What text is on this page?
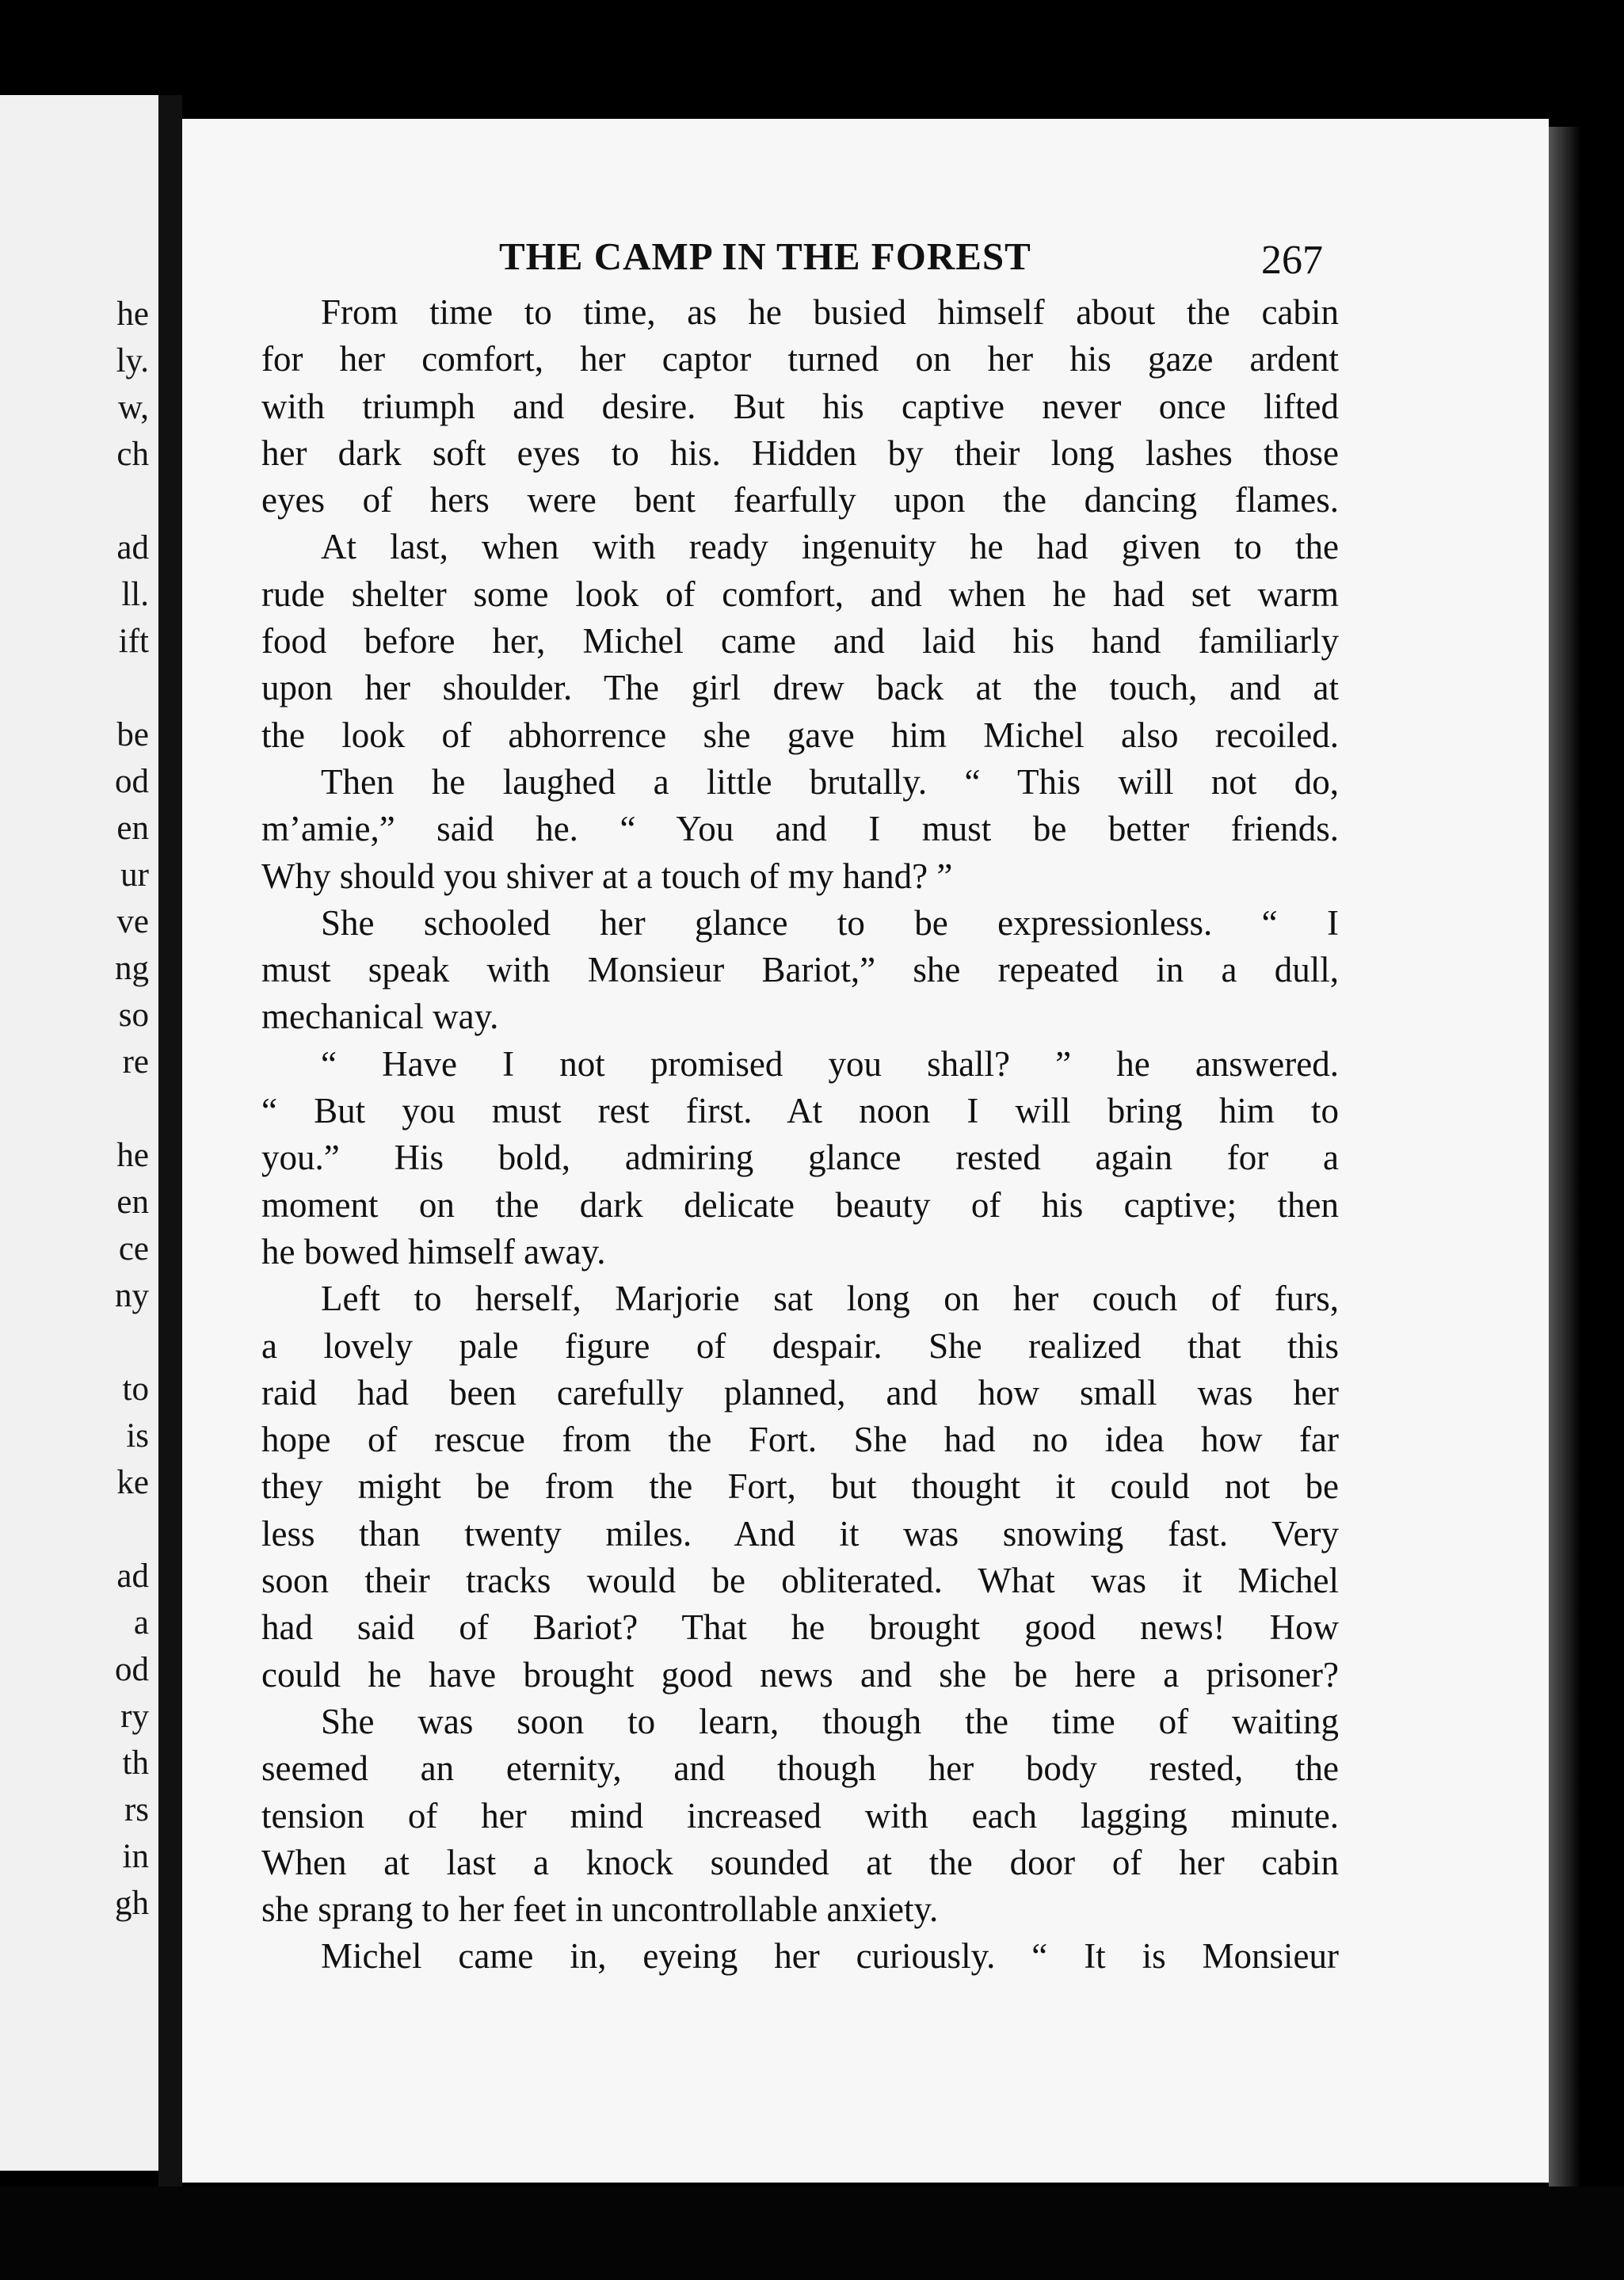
he
ly.
w,
ch
ad
ll.
ift
be
od
en
ur
ve
ng
so
re
he
en
ce
ny
to
is
ke
ad
a
od
ry
th
rs
in
gh
THE CAMP IN THE FOREST	267
From time to time, as he busied himself about the cabin
for her comfort, her captor turned on her his gaze ardent
with triumph and desire. But his captive never once lifted
her dark soft eyes to his. Hidden by their long lashes those
eyes of hers were bent fearfully upon the dancing flames.
At last, when with ready ingenuity he had given to the
rude shelter some look of comfort, and when he had set warm
food before her, Michel came and laid his hand familiarly
upon her shoulder. The girl drew back at the touch, and at
the look of abhorrence she gave him Michel also recoiled.
Then he laughed a little brutally. “ This will not do,
m’amie,” said he. “ You and I must be better friends.
Why should you shiver at a touch of my hand? ”
She schooled her glance to be expressionless. “ I
must speak with Monsieur Bariot,” she repeated in a dull,
mechanical way.
“ Have I not promised you shall? ” he answered.
“ But you must rest first. At noon I will bring him to
you.” His bold, admiring glance rested again for a
moment on the dark delicate beauty of his captive; then
he bowed himself away.
Left to herself, Marjorie sat long on her couch of furs,
a lovely pale figure of despair. She realized that this
raid had been carefully planned, and how small was her
hope of rescue from the Fort. She had no idea how far
they might be from the Fort, but thought it could not be
less than twenty miles. And it was snowing fast. Very
soon their tracks would be obliterated. What was it Michel
had said of Bariot? That he brought good news! How
could he have brought good news and she be here a prisoner?
She was soon to learn, though the time of waiting
seemed an eternity, and though her body rested, the
tension of her mind increased with each lagging minute.
When at last a knock sounded at the door of her cabin
she sprang to her feet in uncontrollable anxiety.
Michel came in, eyeing her curiously. “ It is Monsieur
